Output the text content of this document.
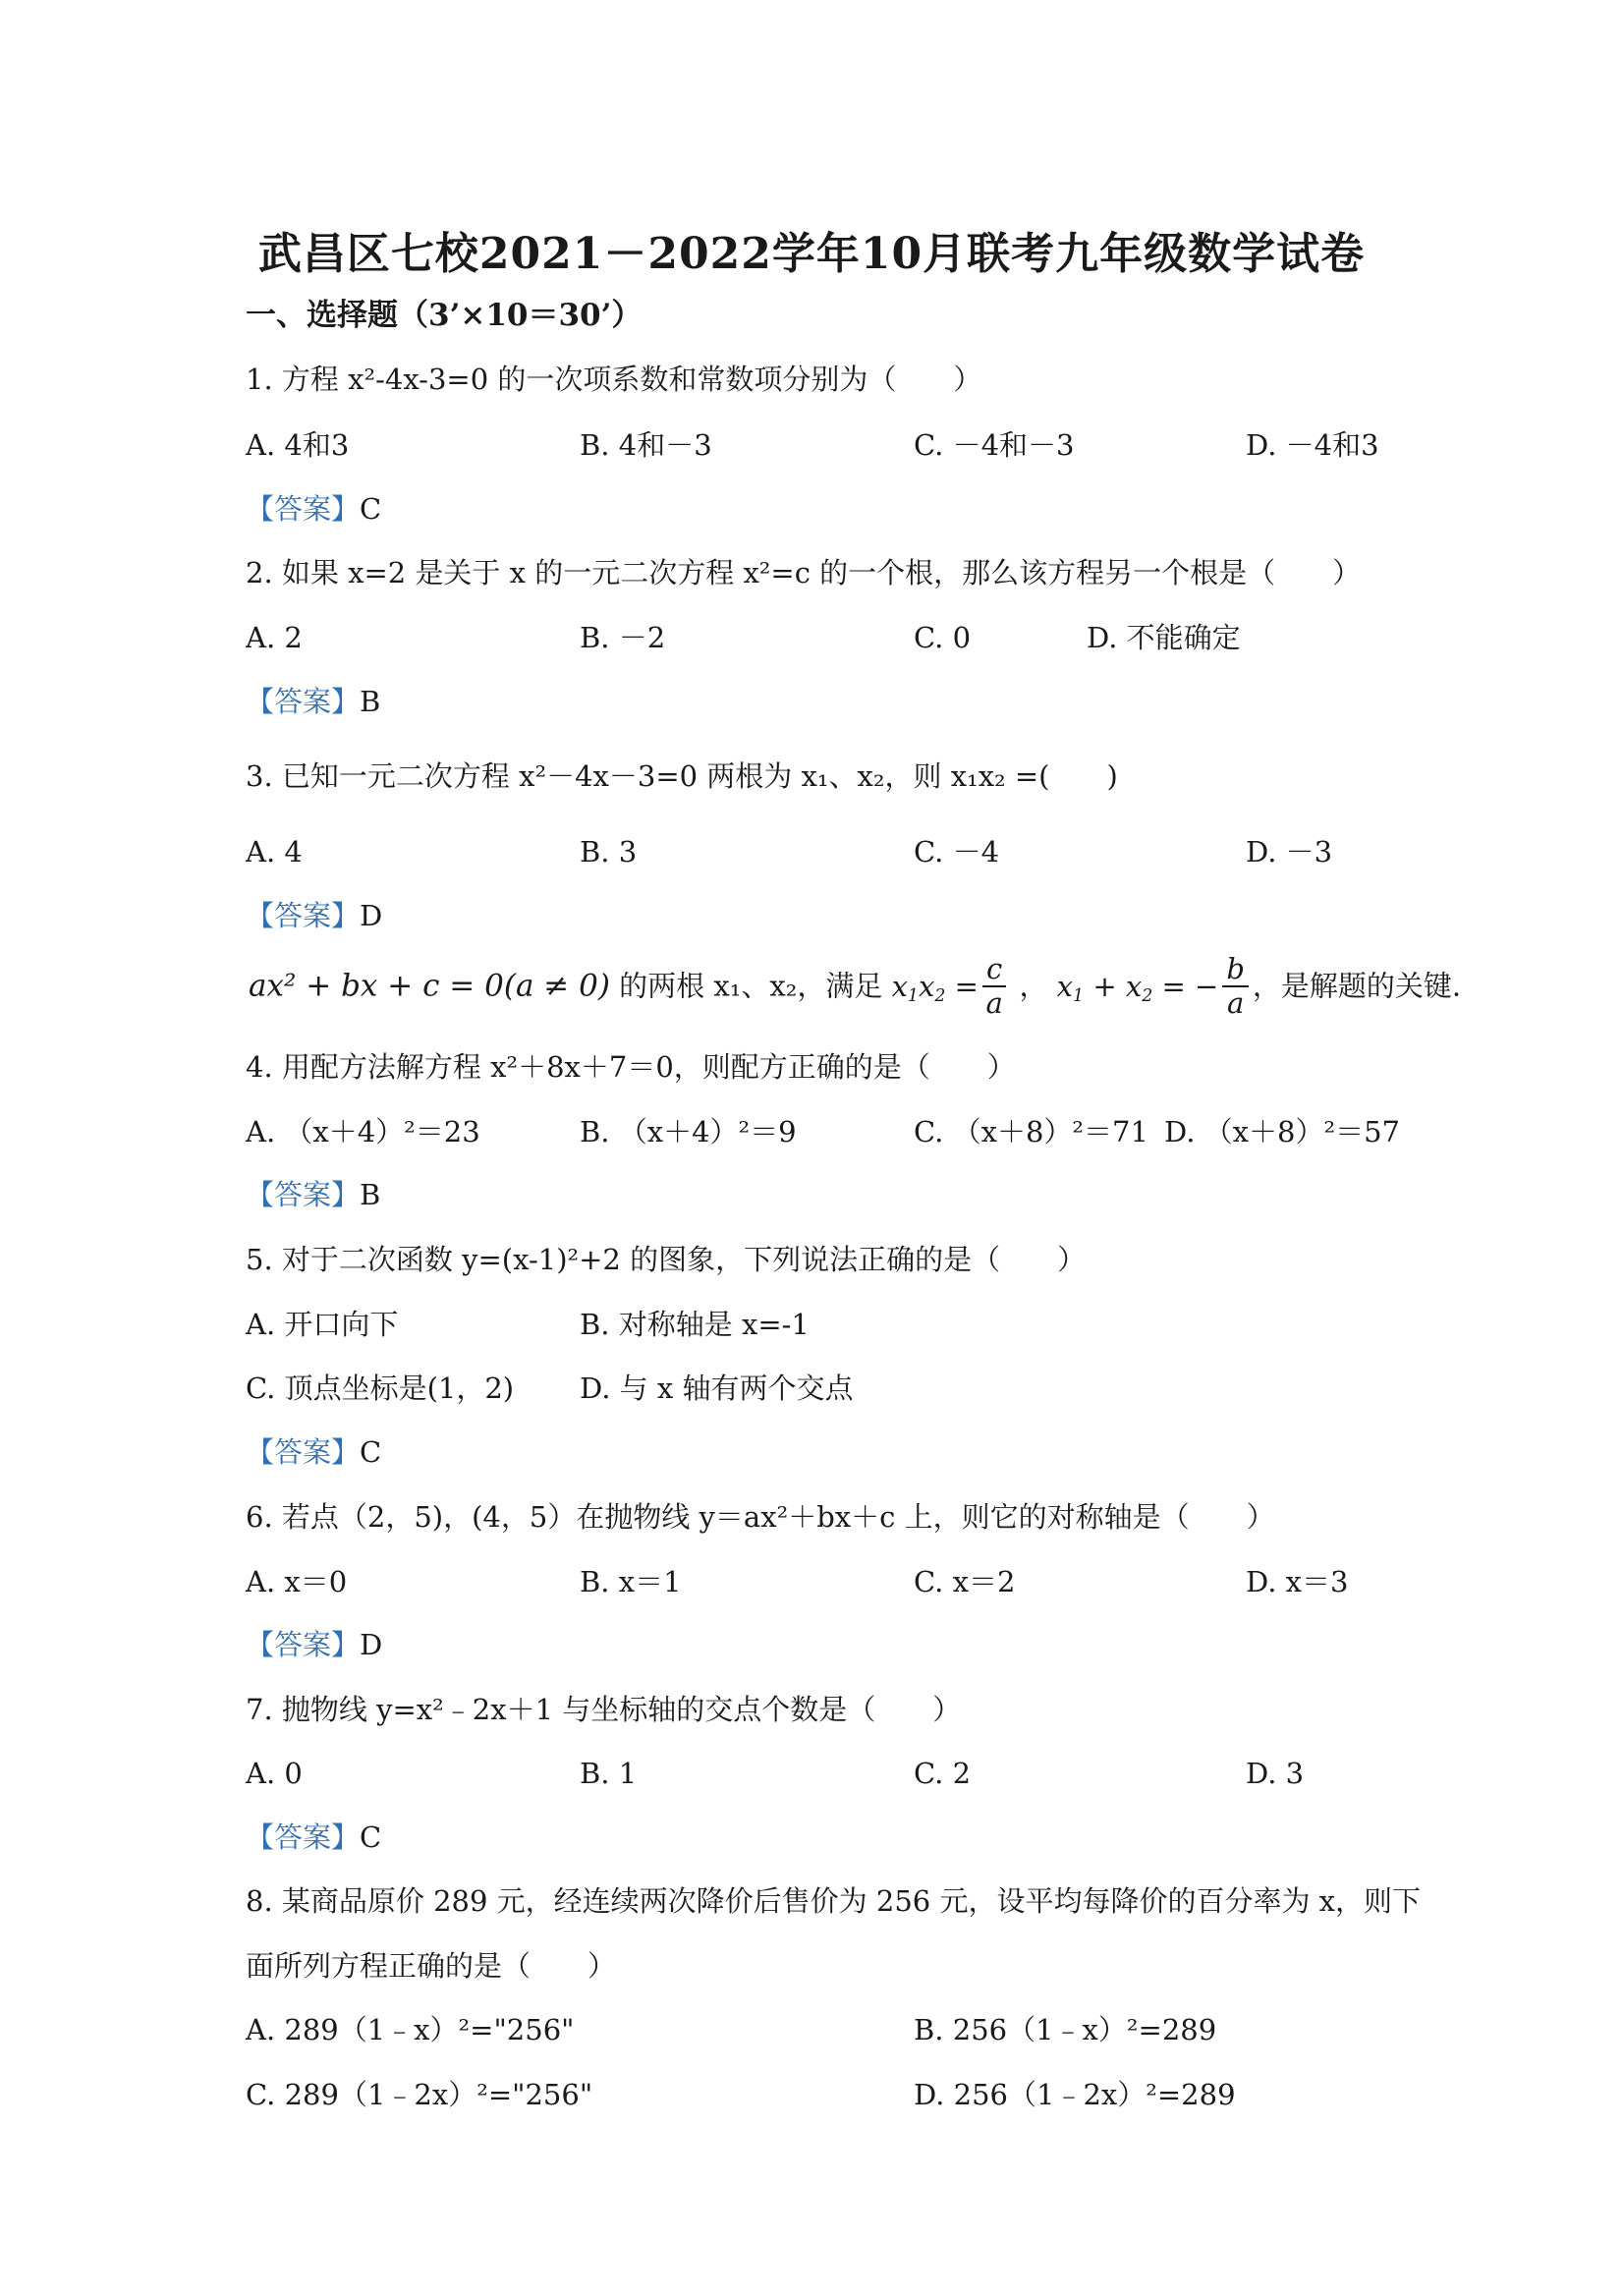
武昌区七校2021－2022学年10月联考九年级数学试卷
一、选择题（3’×10＝30’）
1. 方程 x²-4x-3=0 的一次项系数和常数项分别为（　　）
A. 4和3	B. 4和－3	C. －4和－3	D. －4和3
【答案】C
2. 如果 x=2 是关于 x 的一元二次方程 x²=c 的一个根，那么该方程另一个根是（　　）
A. 2	B. －2	C. 0	D. 不能确定
【答案】B
3. 已知一元二次方程 x²－4x－3=0 两根为 x₁、x₂，则 x₁x₂ =(　　)
A. 4	B. 3	C. －4	D. －3
【答案】D
ax² + bx + c = 0(a ≠ 0) 的两根 x₁、x₂，满足 $x_1x_2 = \frac{c}{a}$ ， $x_1 + x_2$ = − $\frac{b}{a}$ ，是解题的关键.
4. 用配方法解方程 x²＋8x＋7＝0，则配方正确的是（　　）
A. （x＋4）²＝23	B. （x＋4）²＝9	C. （x＋8）²＝71 D. （x＋8）²＝57
【答案】B
5. 对于二次函数 y=(x-1)²+2 的图象，下列说法正确的是（　　）
A. 开口向下	B. 对称轴是 x=-1
C. 顶点坐标是(1，2) D. 与 x 轴有两个交点
【答案】C
6. 若点（2，5)，(4，5）在抛物线 y＝ax²＋bx＋c 上，则它的对称轴是（　　）
A. x＝0	B. x＝1	C. x＝2	D. x＝3
【答案】D
7. 抛物线 y=x²﹣2x＋1 与坐标轴的交点个数是（　　）
A. 0	B. 1	C. 2	D. 3
【答案】C
8. 某商品原价 289 元，经连续两次降价后售价为 256 元，设平均每降价的百分率为 x，则下
面所列方程正确的是（　　）
A. 289（1﹣x）²="256"	B. 256（1﹣x）²=289
C. 289（1﹣2x）²="256"	D. 256（1﹣2x）²=289
